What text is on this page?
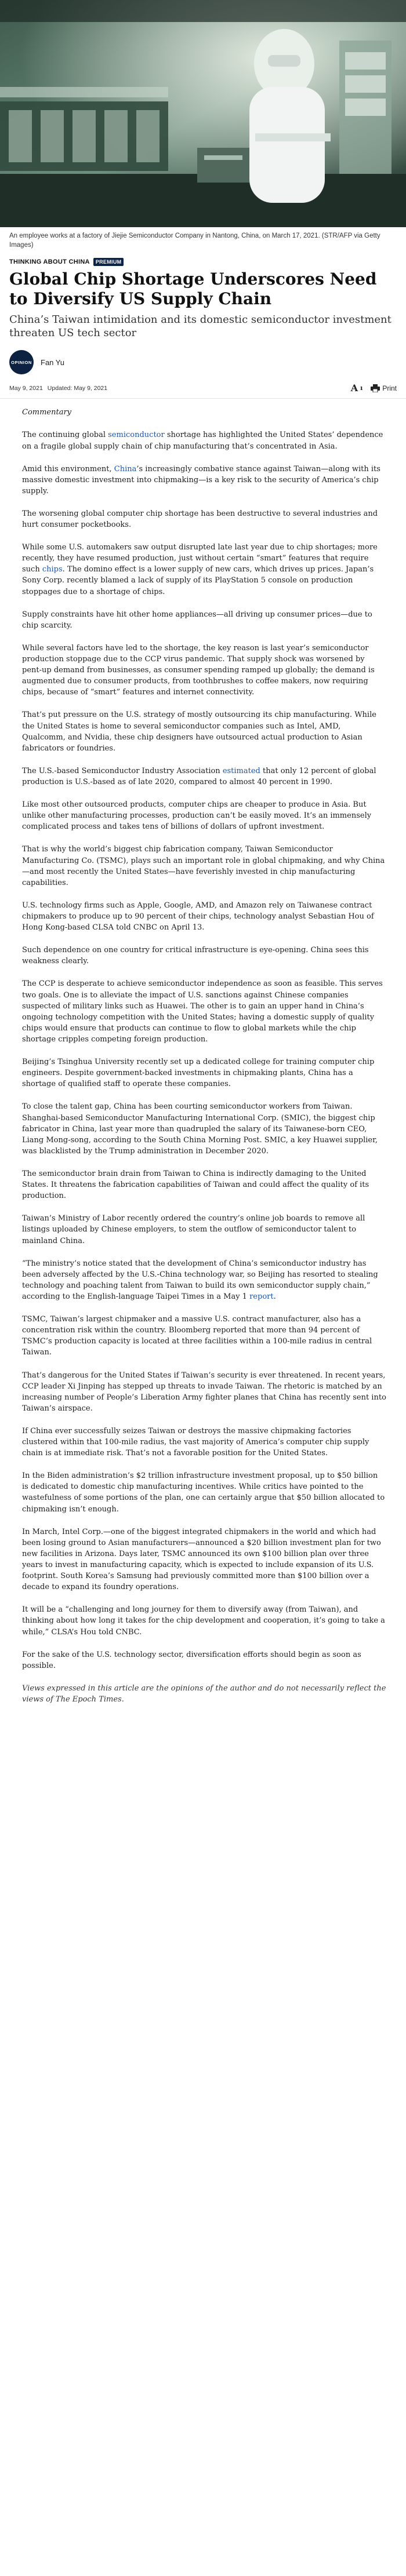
An employee works at a factory of Jiejie Semiconductor Company in Nantong, China, on March 17, 2021. (STR/AFP via Getty Images)

THINKING ABOUT CHINA	PREMIUM
Global Chip Shortage Underscores Need to Diversify US Supply Chain
China’s Taiwan intimidation and its domestic semiconductor investment threaten US tech sector
OPINION Fan Yu
May 9, 2021 Updated: May 9, 2021	A ı	Print

Commentary

The continuing global semiconductor shortage has highlighted the United States’ dependence on a fragile global supply chain of chip manufacturing that’s concentrated in Asia.

Amid this environment, China’s increasingly combative stance against Taiwan—along with its massive domestic investment into chipmaking—is a key risk to the security of America’s chip supply.

The worsening global computer chip shortage has been destructive to several industries and hurt consumer pocketbooks.

While some U.S. automakers saw output disrupted late last year due to chip shortages; more recently, they have resumed production, just without certain “smart” features that require such chips. The domino effect is a lower supply of new cars, which drives up prices. Japan’s Sony Corp. recently blamed a lack of supply of its PlayStation 5 console on production stoppages due to a shortage of chips.

Supply constraints have hit other home appliances—all driving up consumer prices—due to chip scarcity.

While several factors have led to the shortage, the key reason is last year’s semiconductor production stoppage due to the CCP virus pandemic. That supply shock was worsened by pent-up demand from businesses, as consumer spending ramped up globally; the demand is augmented due to consumer products, from toothbrushes to coffee makers, now requiring chips, because of “smart” features and internet connectivity.

That’s put pressure on the U.S. strategy of mostly outsourcing its chip manufacturing. While the United States is home to several semiconductor companies such as Intel, AMD, Qualcomm, and Nvidia, these chip designers have outsourced actual production to Asian fabricators or foundries.

The U.S.-based Semiconductor Industry Association estimated that only 12 percent of global production is U.S.-based as of late 2020, compared to almost 40 percent in 1990.

Like most other outsourced products, computer chips are cheaper to produce in Asia. But unlike other manufacturing processes, production can’t be easily moved. It’s an immensely complicated process and takes tens of billions of dollars of upfront investment.

That is why the world’s biggest chip fabrication company, Taiwan Semiconductor Manufacturing Co. (TSMC), plays such an important role in global chipmaking, and why China—and most recently the United States—have feverishly invested in chip manufacturing capabilities.

U.S. technology firms such as Apple, Google, AMD, and Amazon rely on Taiwanese contract chipmakers to produce up to 90 percent of their chips, technology analyst Sebastian Hou of Hong Kong-based CLSA told CNBC on April 13.

Such dependence on one country for critical infrastructure is eye-opening. China sees this weakness clearly.

The CCP is desperate to achieve semiconductor independence as soon as feasible. This serves two goals. One is to alleviate the impact of U.S. sanctions against Chinese companies suspected of military links such as Huawei. The other is to gain an upper hand in China’s ongoing technology competition with the United States; having a domestic supply of quality chips would ensure that products can continue to flow to global markets while the chip shortage cripples competing foreign production.

Beijing’s Tsinghua University recently set up a dedicated college for training computer chip engineers. Despite government-backed investments in chipmaking plants, China has a shortage of qualified staff to operate these companies.

To close the talent gap, China has been courting semiconductor workers from Taiwan. Shanghai-based Semiconductor Manufacturing International Corp. (SMIC), the biggest chip fabricator in China, last year more than quadrupled the salary of its Taiwanese-born CEO, Liang Mong-song, according to the South China Morning Post. SMIC, a key Huawei supplier, was blacklisted by the Trump administration in December 2020.

The semiconductor brain drain from Taiwan to China is indirectly damaging to the United States. It threatens the fabrication capabilities of Taiwan and could affect the quality of its production.

Taiwan’s Ministry of Labor recently ordered the country’s online job boards to remove all listings uploaded by Chinese employers, to stem the outflow of semiconductor talent to mainland China.

“The ministry’s notice stated that the development of China’s semiconductor industry has been adversely affected by the U.S.-China technology war, so Beijing has resorted to stealing technology and poaching talent from Taiwan to build its own semiconductor supply chain,” according to the English-language Taipei Times in a May 1 report.

TSMC, Taiwan’s largest chipmaker and a massive U.S. contract manufacturer, also has a concentration risk within the country. Bloomberg reported that more than 94 percent of TSMC’s production capacity is located at three facilities within a 100-mile radius in central Taiwan.

That’s dangerous for the United States if Taiwan’s security is ever threatened. In recent years, CCP leader Xi Jinping has stepped up threats to invade Taiwan. The rhetoric is matched by an increasing number of People’s Liberation Army fighter planes that China has recently sent into Taiwan’s airspace.

If China ever successfully seizes Taiwan or destroys the massive chipmaking factories clustered within that 100-mile radius, the vast majority of America’s computer chip supply chain is at immediate risk. That’s not a favorable position for the United States.

In the Biden administration’s $2 trillion infrastructure investment proposal, up to $50 billion is dedicated to domestic chip manufacturing incentives. While critics have pointed to the wastefulness of some portions of the plan, one can certainly argue that $50 billion allocated to chipmaking isn’t enough.

In March, Intel Corp.—one of the biggest integrated chipmakers in the world and which had been losing ground to Asian manufacturers—announced a $20 billion investment plan for two new facilities in Arizona. Days later, TSMC announced its own $100 billion plan over three years to invest in manufacturing capacity, which is expected to include expansion of its U.S. footprint. South Korea’s Samsung had previously committed more than $100 billion over a decade to expand its foundry operations.

It will be a “challenging and long journey for them to diversify away (from Taiwan), and thinking about how long it takes for the chip development and cooperation, it’s going to take a while,” CLSA’s Hou told CNBC.

For the sake of the U.S. technology sector, diversification efforts should begin as soon as possible.

Views expressed in this article are the opinions of the author and do not necessarily reflect the views of The Epoch Times.
